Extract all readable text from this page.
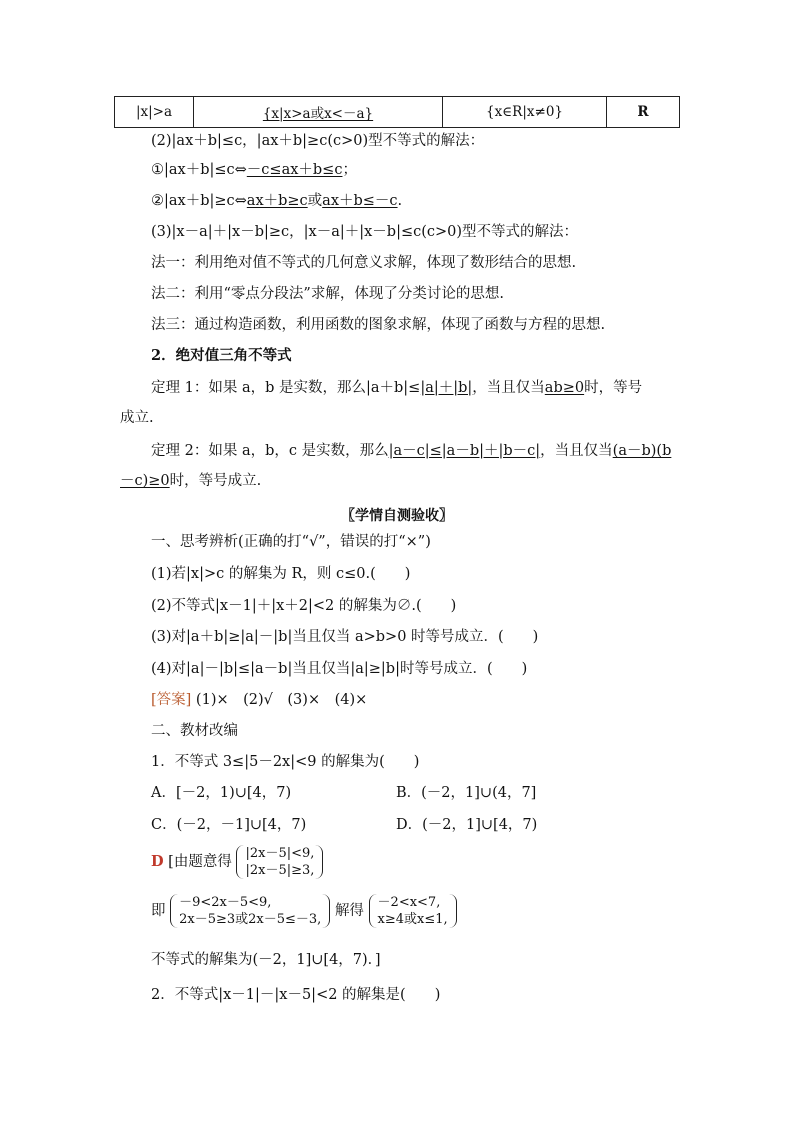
|x|>a	{x|x>a或x<－a}	{x∈R|x≠0}	R
(2)|ax＋b|≤c，|ax＋b|≥c(c>0)型不等式的解法：
①|ax＋b|≤c⇔－c≤ax＋b≤c；
②|ax＋b|≥c⇔ax＋b≥c或ax＋b≤－c.
(3)|x－a|＋|x－b|≥c，|x－a|＋|x－b|≤c(c>0)型不等式的解法：
法一：利用绝对值不等式的几何意义求解，体现了数形结合的思想.
法二：利用“零点分段法”求解，体现了分类讨论的思想.
法三：通过构造函数，利用函数的图象求解，体现了函数与方程的思想.
2．绝对值三角不等式
定理 1：如果 a，b 是实数，那么|a＋b|≤|a|＋|b|，当且仅当ab≥0时，等号
成立.
定理 2：如果 a，b，c 是实数，那么|a－c|≤|a－b|＋|b－c|，当且仅当(a－b)(b
－c)≥0时，等号成立.
〖学情自测验收〗
一、思考辨析(正确的打“√”，错误的打“×”)
(1)若|x|>c 的解集为 R，则 c≤0.(　　)
(2)不等式|x－1|＋|x＋2|<2 的解集为∅.(　　)
(3)对|a＋b|≥|a|－|b|当且仅当 a>b>0 时等号成立．(　　)
(4)对|a|－|b|≤|a－b|当且仅当|a|≥|b|时等号成立．(　　)
[答案] (1)×　(2)√　(3)×　(4)×
二、教材改编
1．不等式 3≤|5－2x|<9 的解集为(　　)
A．[－2，1)∪[4，7)	B．(－2，1]∪(4，7]
C．(－2，－1]∪[4，7)	D．(－2，1]∪[4，7)
D [由题意得
|2x－5|<9,
|2x－5|≥3,
即
－9<2x－5<9,
2x－5≥3或2x－5≤－3,
解得
－2<x<7,
x≥4或x≤1,
不等式的解集为(－2，1]∪[4，7)．]
2．不等式|x－1|－|x－5|<2 的解集是(　　)
